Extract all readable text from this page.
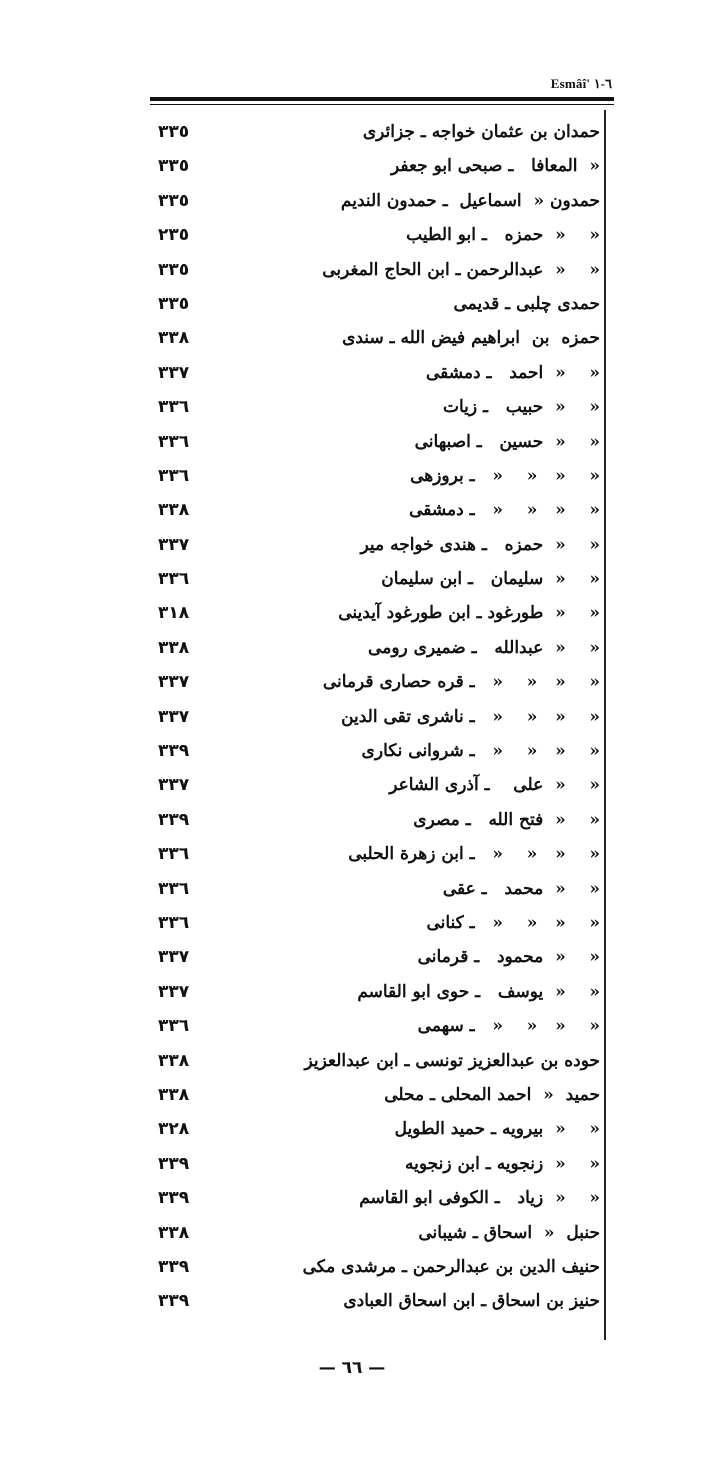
Esmâî' ٦-١
حمدان بن عثمان خواجه ـ جزائرى
٣٣٥
«  المعافا   ـ صبحى ابو جعفر
٣٣٥
حمدون «  اسماعيل  ـ حمدون النديم
٣٣٥
«    «  حمزه   ـ ابو الطيب
٢٣٥
«    «  عبدالرحمن ـ ابن الحاج المغربى
٣٣٥
حمدى چلبى ـ قديمى
٣٣٥
حمزه  بن  ابراهيم فيض الله ـ سندى
٣٣٨
«    «  احمد   ـ دمشقى
٣٣٧
«    «  حبيب   ـ زيات
٣٣٦
«    «  حسين   ـ اصبهانى
٣٣٦
«    «   «    «   ـ بروزهى
٣٣٦
«    «   «    «   ـ دمشقى
٣٣٨
«    «  حمزه   ـ هندى خواجه مير
٣٣٧
«    «  سليمان   ـ ابن سليمان
٣٣٦
«    «  طورغود ـ ابن طورغود آيدينى
٣١٨
«    «  عبدالله   ـ ضميرى رومى
٣٣٨
«    «   «    «   ـ قره حصارى قرمانى
٣٣٧
«    «   «    «   ـ ناشرى تقى الدين
٣٣٧
«    «   «    «   ـ شروانى نكارى
٣٣٩
«    «  على    ـ آذرى الشاعر
٣٣٧
«    «  فتح الله   ـ مصرى
٣٣٩
«    «   «    «   ـ ابن زهرة الحلبى
٣٣٦
«    «  محمد   ـ عقى
٣٣٦
«    «   «    «   ـ كنانى
٣٣٦
«    «  محمود   ـ قرمانى
٣٣٧
«    «  يوسف   ـ حوى ابو القاسم
٣٣٧
«    «   «    «   ـ سهمى
٣٣٦
حوده بن عبدالعزيز تونسى ـ ابن عبدالعزيز
٣٣٨
حميد  «  احمد المحلى ـ محلى
٣٣٨
«    «  بيرويه ـ حميد الطويل
٣٢٨
«    «  زنجويه ـ ابن زنجويه
٣٣٩
«    «  زياد   ـ الكوفى ابو القاسم
٣٣٩
حنبل  «  اسحاق ـ شيبانى
٣٣٨
حنيف الدين بن عبدالرحمن ـ مرشدى مكى
٣٣٩
حنيز بن اسحاق ـ ابن اسحاق العبادى
٣٣٩
— ٦٦ —
